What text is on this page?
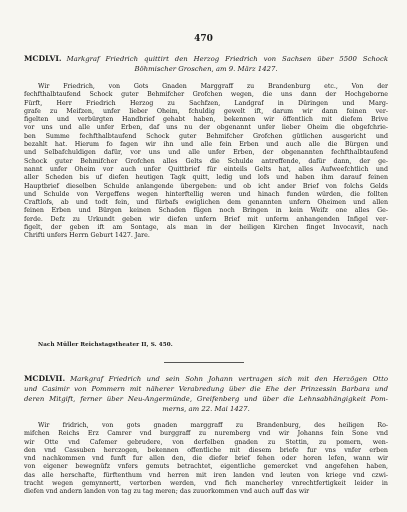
470
MCDLVI. Markgraf Friedrich quittirt den Herzog Friedrich von Sachsen über 5500 Schock
Böhmischer Groschen, am 9. März 1427.
Wir Friedrich, von Gots Gnaden Marggraff zu Brandenburg etc., Von der
fechfthalbtaufend Schock guter Behmifcher Grofchen wegen, die uns dann der Hochgeborne
Fürft, Herr Friedrich Herzog zu Sachfzen, Landgraf in Düringen und Marg-
grafe zu Meifzen, unfer lieber Oheim, fchuldig gewelt ift, darum wir dann feinen ver-
figelten und verbürgten Handbrief gehabt haben, bekennen wir öffentlich mit diefem Brive
vor uns und alle unfer Erben, daf uns nu der obgenannt unfer lieber Oheim die obgefchrie-
ben Summe fechfthalbtaufend Schock guter Behmifcher Grofchen gütlichen ausgericht und
bezahlt hat. Hierum fo fagen wir ihn und alle fein Erben und auch alle die Bürgen und
und Selbafchuldigen dafür, vor uns und alle unfer Erben, der obgenannten fechfthalbtaufend
Schock guter Behmifcher Grofchen alles Gelts die Schulde antreffende, dafür dann, der ge-
nannt unfer Oheim vor auch unfer Quittbrief für einteils Gelts hat, alles Aufweefchtlich und
aller Scheden bis uf diefen heutigen Tagk quitt, ledig und lofs und haben ihm darauf feinen
Hauptbrief dieselben Schulde anlangende übergeben: und ob icht ander Brief von folchs Gelds
und Schulde von Vergeffens wegen hinterftellig weren und hinach funden würden, die follten
Craftlofs, ab und todt fein, und fürbafs ewiglichen dem genannten unfern Oheimen und allen
feinen Erben und Bürgen keinen Schaden fügen noch Bringen in kein Weifz one alles Ge-
ferde. Defz zu Urkundt geben wir diefen unfern Brief mit unferm anhangenden Infigel ver-
figelt, der geben ift am Sontage, als man in der heiligen Kirchen finget Invocavit, nach
Chrifti unfers Herrn Geburt 1427. Jare.
Nach Müller Reichstagstheater II, S. 450.
MCDLVII. Markgraf Friedrich und sein Sohn Johann vertragen sich mit den Herzögen Otto
und Casimir von Pommern mit näherer Verabredung über die Ehe der Prinzessin Barbara und
deren Mitgift, ferner über Neu-Angermünde, Greifenberg und über die Lehnsabhängigkeit Pom-
merns, am 22. Mai 1427.
Wir fridrich, von gots gnaden marggraff zu Brandenburg, des heiligen Ro-
mifchen Reichs Erz Camrer vnd burggraff zu nuremberg vnd wir Johanns fein Sone vnd
wir Otte vnd Cafemer gebrudere, von derfelben gnaden zu Stettin, zu pomern, wen-
den vnd Cassuben herczogen, bekennen offentliche mit diesem briefe fur vns vnfer erben
vnd nachkommen vnd funft fur allen den, die diefer brief fehen oder horen lefen, wann wir
von eigener bewegnüfz vnfers gemuts betrachtet, eigentliche gemercket vnd angefehen haben,
das alle herschafte, fürftenthum vnd herren mit iren landen vnd leuten von kriege vnd czwi-
tracht wegen gemynnertt, vertorben werden, vnd fich mancherley vnrechtfertigkeit leider in
diefen vnd andern landen von tag zu tag meren; das zuuorkommen vnd auch auff das wir
